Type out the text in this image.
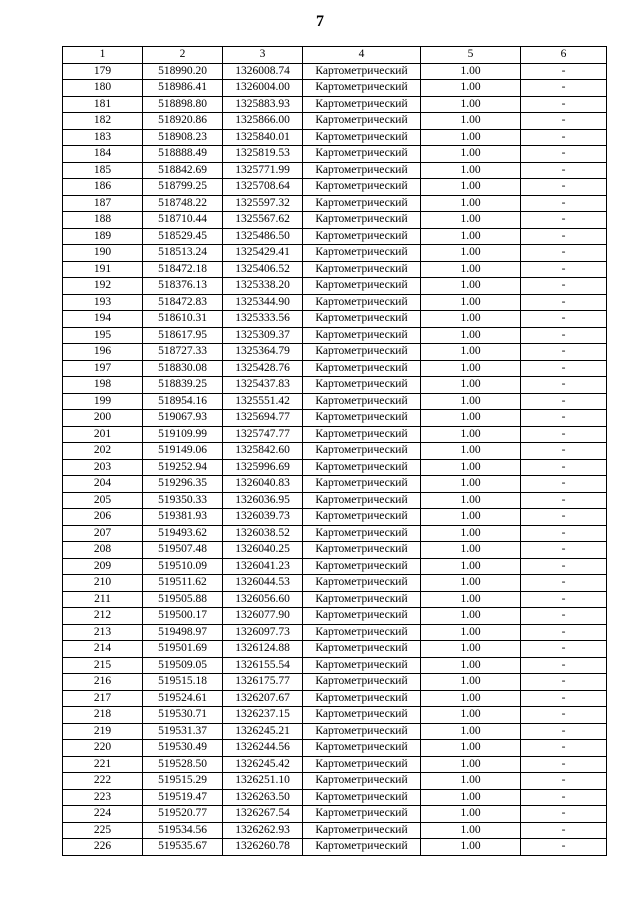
7
1	2	3	4	5	6
179	518990.20	1326008.74	Картометрический	1.00	-
180	518986.41	1326004.00	Картометрический	1.00	-
181	518898.80	1325883.93	Картометрический	1.00	-
182	518920.86	1325866.00	Картометрический	1.00	-
183	518908.23	1325840.01	Картометрический	1.00	-
184	518888.49	1325819.53	Картометрический	1.00	-
185	518842.69	1325771.99	Картометрический	1.00	-
186	518799.25	1325708.64	Картометрический	1.00	-
187	518748.22	1325597.32	Картометрический	1.00	-
188	518710.44	1325567.62	Картометрический	1.00	-
189	518529.45	1325486.50	Картометрический	1.00	-
190	518513.24	1325429.41	Картометрический	1.00	-
191	518472.18	1325406.52	Картометрический	1.00	-
192	518376.13	1325338.20	Картометрический	1.00	-
193	518472.83	1325344.90	Картометрический	1.00	-
194	518610.31	1325333.56	Картометрический	1.00	-
195	518617.95	1325309.37	Картометрический	1.00	-
196	518727.33	1325364.79	Картометрический	1.00	-
197	518830.08	1325428.76	Картометрический	1.00	-
198	518839.25	1325437.83	Картометрический	1.00	-
199	518954.16	1325551.42	Картометрический	1.00	-
200	519067.93	1325694.77	Картометрический	1.00	-
201	519109.99	1325747.77	Картометрический	1.00	-
202	519149.06	1325842.60	Картометрический	1.00	-
203	519252.94	1325996.69	Картометрический	1.00	-
204	519296.35	1326040.83	Картометрический	1.00	-
205	519350.33	1326036.95	Картометрический	1.00	-
206	519381.93	1326039.73	Картометрический	1.00	-
207	519493.62	1326038.52	Картометрический	1.00	-
208	519507.48	1326040.25	Картометрический	1.00	-
209	519510.09	1326041.23	Картометрический	1.00	-
210	519511.62	1326044.53	Картометрический	1.00	-
211	519505.88	1326056.60	Картометрический	1.00	-
212	519500.17	1326077.90	Картометрический	1.00	-
213	519498.97	1326097.73	Картометрический	1.00	-
214	519501.69	1326124.88	Картометрический	1.00	-
215	519509.05	1326155.54	Картометрический	1.00	-
216	519515.18	1326175.77	Картометрический	1.00	-
217	519524.61	1326207.67	Картометрический	1.00	-
218	519530.71	1326237.15	Картометрический	1.00	-
219	519531.37	1326245.21	Картометрический	1.00	-
220	519530.49	1326244.56	Картометрический	1.00	-
221	519528.50	1326245.42	Картометрический	1.00	-
222	519515.29	1326251.10	Картометрический	1.00	-
223	519519.47	1326263.50	Картометрический	1.00	-
224	519520.77	1326267.54	Картометрический	1.00	-
225	519534.56	1326262.93	Картометрический	1.00	-
226	519535.67	1326260.78	Картометрический	1.00	-
